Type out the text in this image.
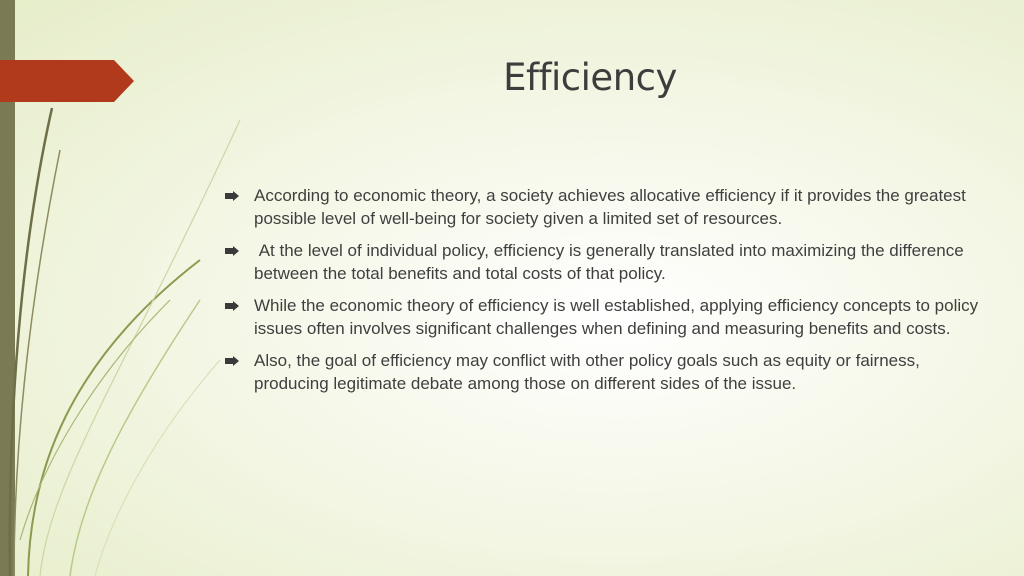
Efficiency
According to economic theory, a society achieves allocative efficiency if it provides the greatest possible level of well-being for society given a limited set of resources.
At the level of individual policy, efficiency is generally translated into maximizing the difference between the total benefits and total costs of that policy.
While the economic theory of efficiency is well established, applying efficiency concepts to policy issues often involves significant challenges when defining and measuring benefits and costs.
Also, the goal of efficiency may conflict with other policy goals such as equity or fairness, producing legitimate debate among those on different sides of the issue.
